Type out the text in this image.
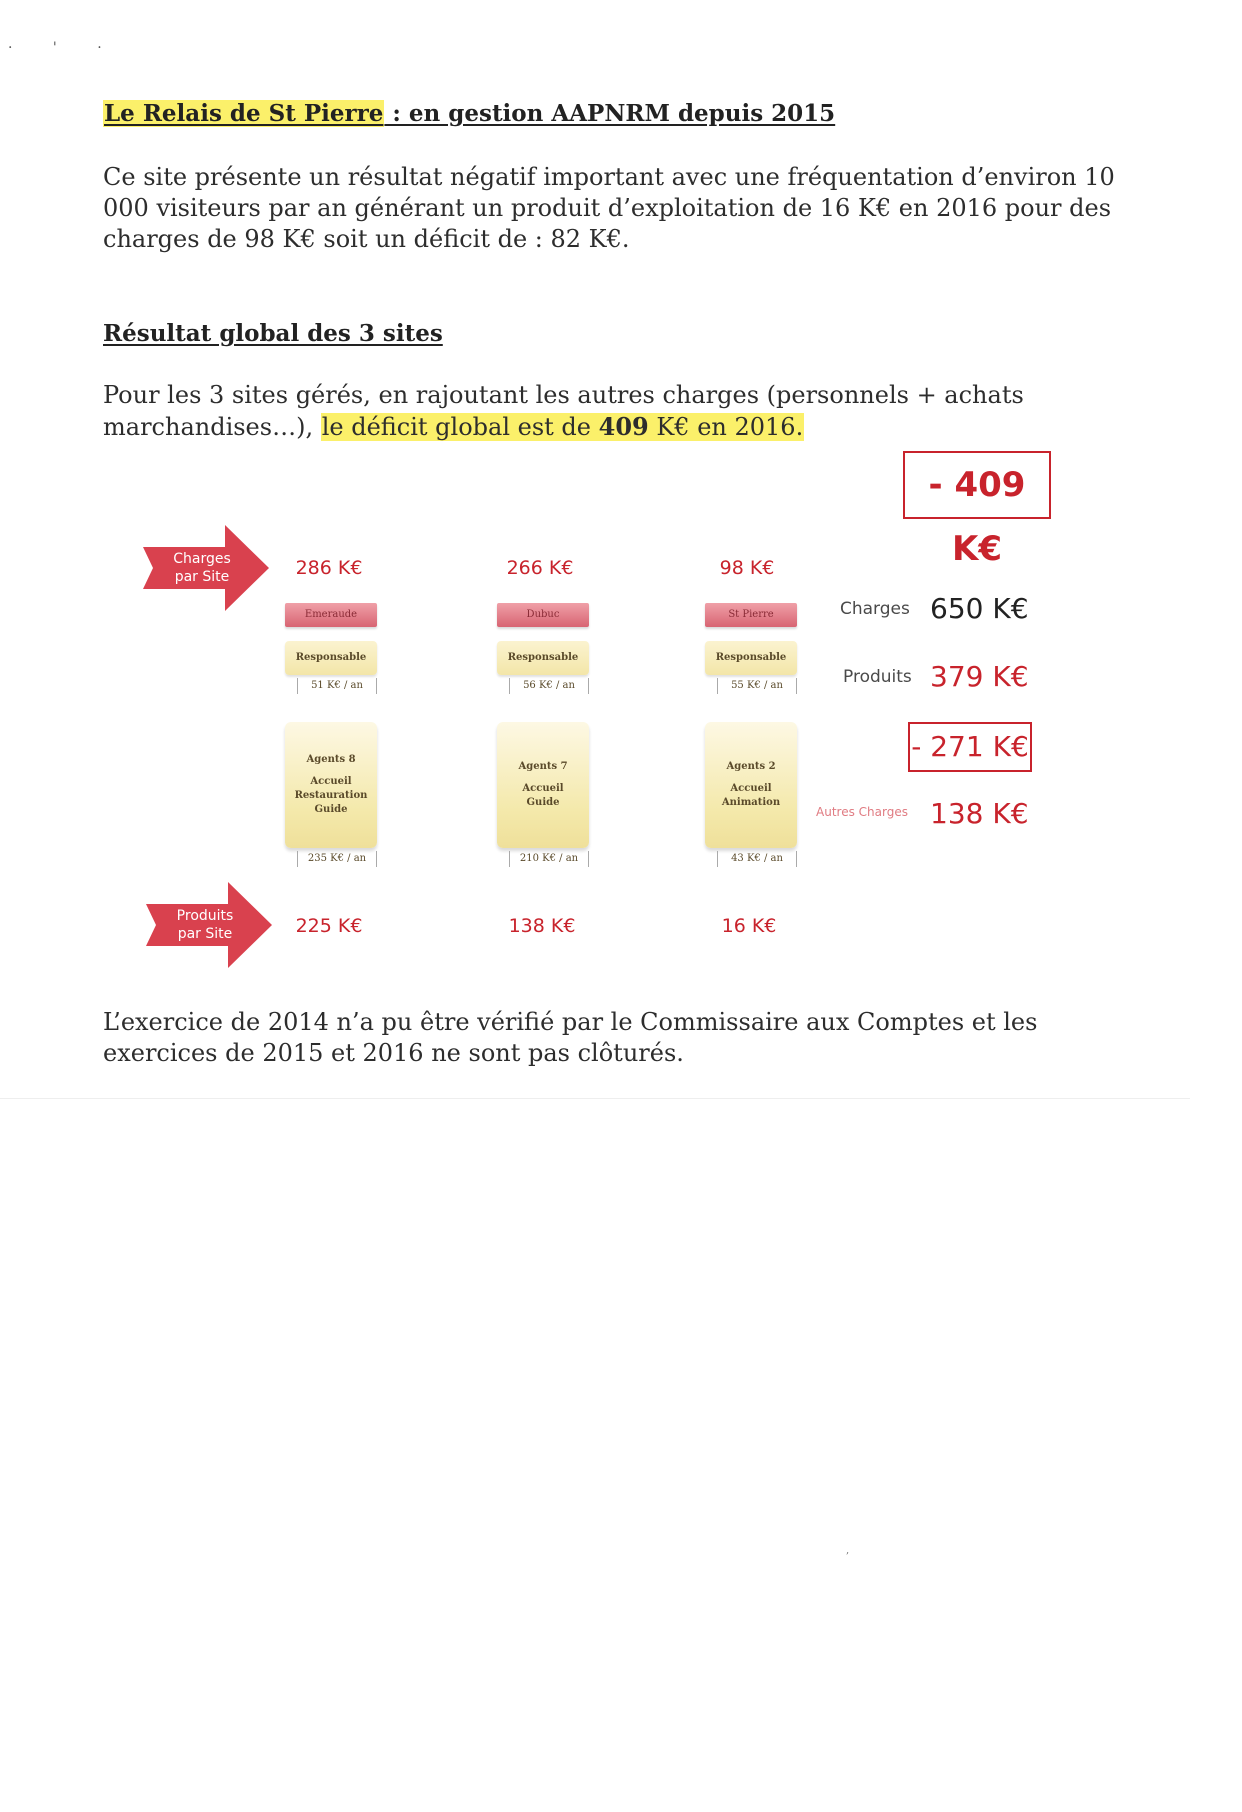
· ' ·
Le Relais de St Pierre : en gestion AAPNRM depuis 2015
Ce site présente un résultat négatif important avec une fréquentation d’environ 10 000 visiteurs par an générant un produit d’exploitation de 16 K€ en 2016 pour des charges de 98 K€ soit un déficit de : 82 K€.
Résultat global des 3 sites
Pour les 3 sites gérés, en rajoutant les autres charges (personnels + achats marchandises…), le déficit global est de 409 K€ en 2016.
- 409 K€
Charges
par Site
Produits
par Site
286 K€	266 K€	98 K€
Emeraude
Responsable
51 K€ / an
Agents 8
Accueil
Restauration
Guide
235 K€ / an
Dubuc
Responsable
56 K€ / an
Agents 7
Accueil
Guide
210 K€ / an
St Pierre
Responsable
55 K€ / an
Agents 2
Accueil
Animation
43 K€ / an
225 K€	138 K€	16 K€
Charges 650 K€
Produits 379 K€
- 271 K€
Autres Charges 138 K€
L’exercice de 2014 n’a pu être vérifié par le Commissaire aux Comptes et les exercices de 2015 et 2016 ne sont pas clôturés.
,
